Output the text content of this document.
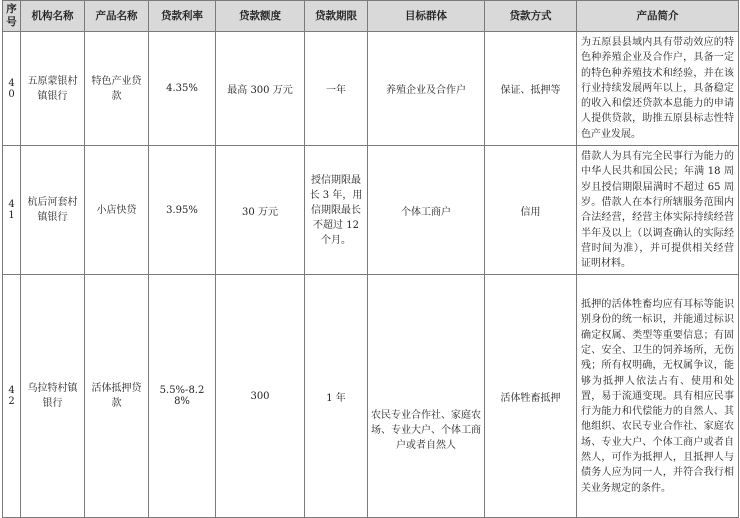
序号	机构名称	产品名称	贷款利率	贷款额度	贷款期限	目标群体	贷款方式	产品简介
40	五原蒙银村镇银行	特色产业贷款	4.35%	最高 300 万元	一年	养殖企业及合作户	保证、抵押等	为五原县县域内具有带动效应的特色种养殖企业及合作户，具备一定的特色种养殖技术和经验，并在该行业持续发展两年以上，具备稳定的收入和偿还贷款本息能力的申请人提供贷款，助推五原县标志性特色产业发展。
41	杭后河套村镇银行	小店快贷	3.95%	30 万元	授信期限最长 3 年，用信期限最长不超过 12 个月。	个体工商户	信用	借款人为具有完全民事行为能力的中华人民共和国公民；年满 18 周岁且授信期限届满时不超过 65 周岁。借款人在本行所辖服务范围内合法经营，经营主体实际持续经营半年及以上（以调查确认的实际经营时间为准），并可提供相关经营证明材料。
42	乌拉特村镇银行	活体抵押贷款	5.5%-8.28%	300	1 年	农民专业合作社、家庭农场、专业大户、个体工商户或者自然人	活体牲畜抵押	抵押的活体牲畜均应有耳标等能识别身份的统一标识，并能通过标识确定权属、类型等重要信息；有固定、安全、卫生的饲养场所，无伤残；所有权明确，无权属争议，能够为抵押人依法占有、使用和处置，易于流通变现。具有相应民事行为能力和代偿能力的自然人、其他组织、农民专业合作社、家庭农场、专业大户、个体工商户或者自然人，可作为抵押人，且抵押人与债务人应为同一人，并符合我行相关业务规定的条件。
